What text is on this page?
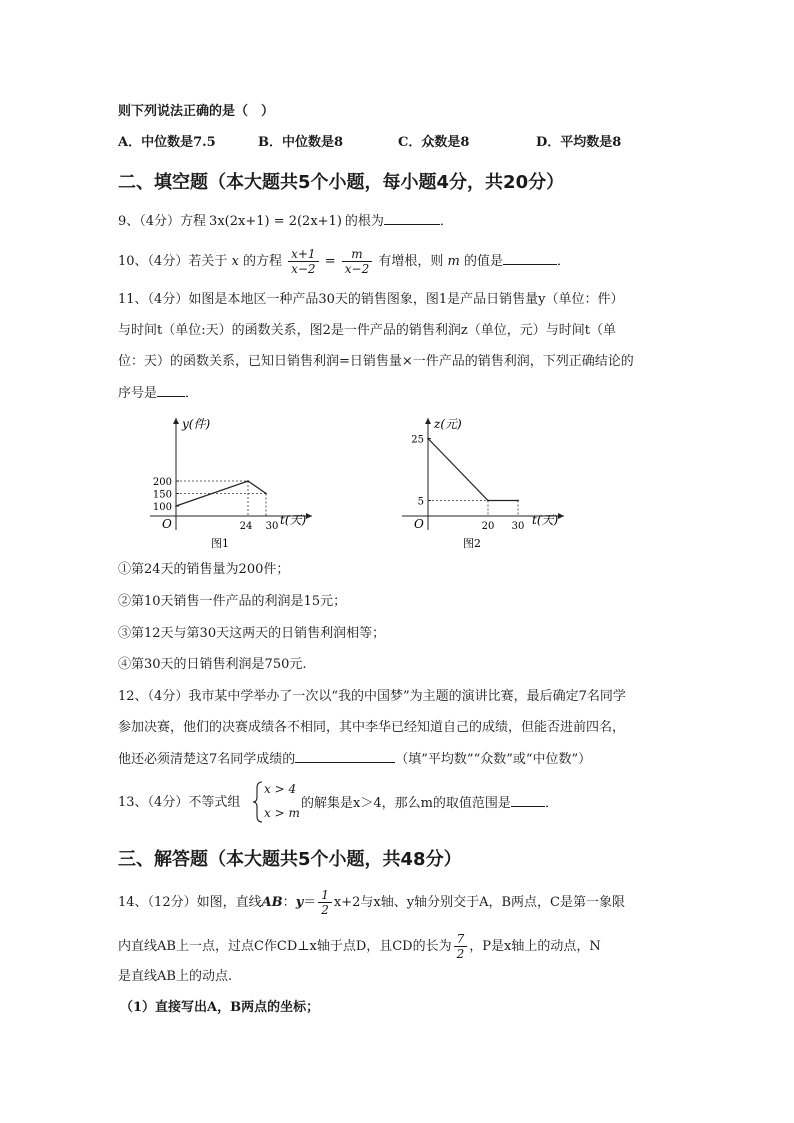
则下列说法正确的是（　）
A．中位数是7.5	B．中位数是8	C．众数是8	D．平均数是8
二、填空题（本大题共5个小题，每小题4分，共20分）
9、（4分）方程 3x(2x+1) = 2(2x+1) 的根为	．
10、（4分）若关于 x 的方程 $\frac{x+1}{x-2} = \frac{m}{x-2}$ 有增根，则 m 的值是	．
11、（4分）如图是本地区一种产品30天的销售图象，图1是产品日销售量y（单位：件）
与时间t（单位:天）的函数关系，图2是一件产品的销售利润z（单位，元）与时间t（单
位：天）的函数关系，已知日销售利润=日销售量×一件产品的销售利润，下列正确结论的
序号是 ．
y(件)
t(天)
O
100
150
200
24 30
图1
z(元)
t(天)
O
5
25
20 30
图2
①第24天的销售量为200件；
②第10天销售一件产品的利润是15元；
③第12天与第30天这两天的日销售利润相等；
④第30天的日销售利润是750元.
12、（4分）我市某中学举办了一次以“我的中国梦”为主题的演讲比赛，最后确定7名同学
参加决赛，他们的决赛成绩各不相同，其中李华已经知道自己的成绩，但能否进前四名，
他还必须清楚这7名同学成绩的	（填”平均数”“众数”或“中位数”）
13、（4分）不等式组
x > 4
x > m
的解集是x＞4，那么m的取值范围是	．
三、解答题（本大题共5个小题，共48分）
14、（12分）如图，直线AB：$y= \frac{1}{2} x+2$与x轴、y轴分别交于A，B两点，C是第一象限
内直线AB上一点，过点C作CD⊥x轴于点D，且CD的长为 $\frac{7}{2}$ ，P是x轴上的动点，N
是直线AB上的动点.
（1）直接写出A，B两点的坐标；
